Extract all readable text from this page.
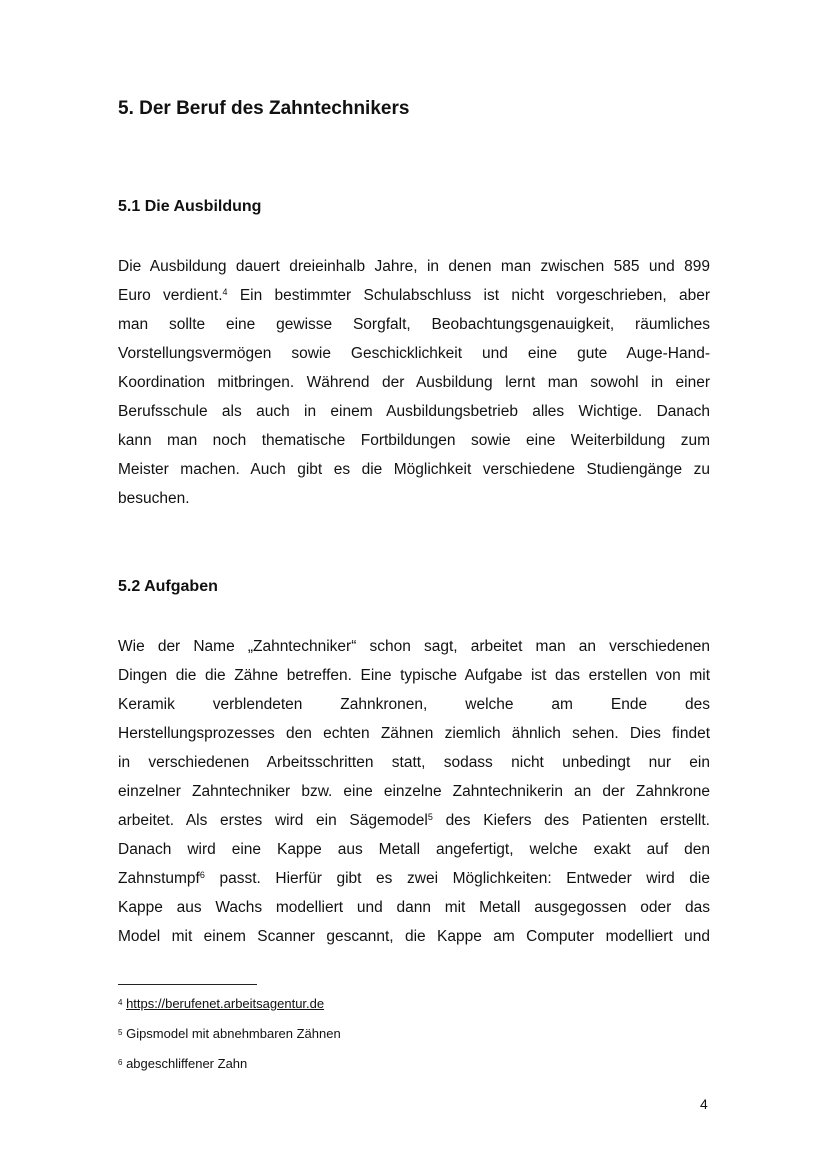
5. Der Beruf des Zahntechnikers
5.1 Die Ausbildung
Die Ausbildung dauert dreieinhalb Jahre, in denen man zwischen 585 und 899
Euro verdient.$^4$ Ein bestimmter Schulabschluss ist nicht vorgeschrieben, aber
man sollte eine gewisse Sorgfalt, Beobachtungsgenauigkeit, räumliches
Vorstellungsvermögen sowie Geschicklichkeit und eine gute Auge-Hand-
Koordination mitbringen. Während der Ausbildung lernt man sowohl in einer
Berufsschule als auch in einem Ausbildungsbetrieb alles Wichtige. Danach
kann man noch thematische Fortbildungen sowie eine Weiterbildung zum
Meister machen. Auch gibt es die Möglichkeit verschiedene Studiengänge zu
besuchen.
5.2 Aufgaben
Wie der Name „Zahntechniker“ schon sagt, arbeitet man an verschiedenen
Dingen die die Zähne betreffen. Eine typische Aufgabe ist das erstellen von mit
Keramik verblendeten Zahnkronen, welche am Ende des
Herstellungsprozesses den echten Zähnen ziemlich ähnlich sehen. Dies findet
in verschiedenen Arbeitsschritten statt, sodass nicht unbedingt nur ein
einzelner Zahntechniker bzw. eine einzelne Zahntechnikerin an der Zahnkrone
arbeitet. Als erstes wird ein Sägemodel$^5$ des Kiefers des Patienten erstellt.
Danach wird eine Kappe aus Metall angefertigt, welche exakt auf den
Zahnstumpf$^6$ passt. Hierfür gibt es zwei Möglichkeiten: Entweder wird die
Kappe aus Wachs modelliert und dann mit Metall ausgegossen oder das
Model mit einem Scanner gescannt, die Kappe am Computer modelliert und

$^4$ https://berufenet.arbeitsagentur.de

$^5$ Gipsmodel mit abnehmbaren Zähnen

$^6$ abgeschliffener Zahn

4
